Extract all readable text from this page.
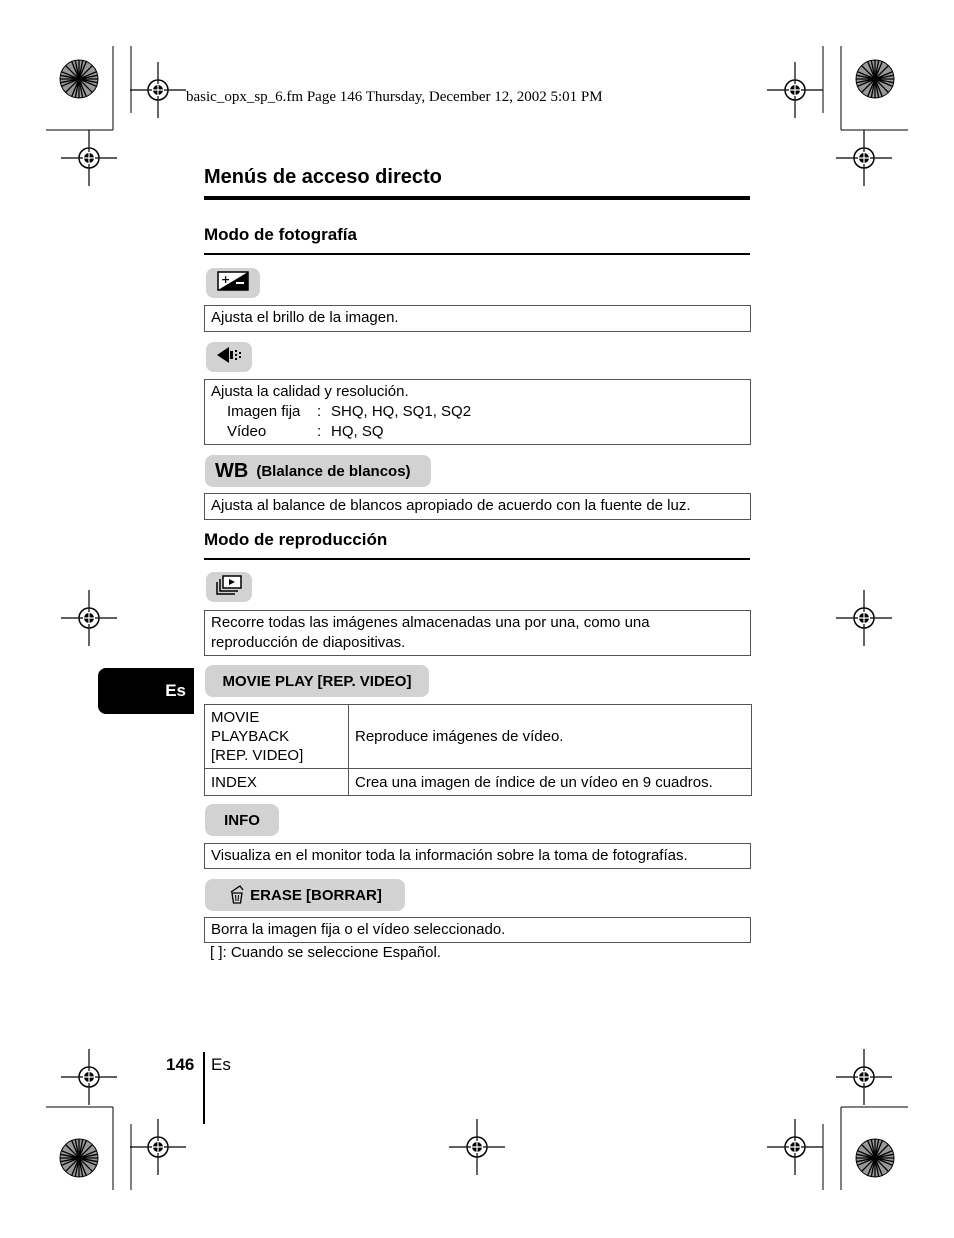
basic_opx_sp_6.fm Page 146 Thursday, December 12, 2002 5:01 PM
Menús de acceso directo
Modo de fotografía
+
Ajusta el brillo de la imagen.
Ajusta la calidad y resolución.
Imagen fija	: SHQ, HQ, SQ1, SQ2
Vídeo	: HQ, SQ
WB (Blalance de blancos)
Ajusta al balance de blancos apropiado de acuerdo con la fuente de luz.
Modo de reproducción
Recorre todas las imágenes almacenadas una por una, como una
reproducción de diapositivas.
Es	MOVIE PLAY [REP. VIDEO]
MOVIE
PLAYBACK
[REP. VIDEO]	Reproduce imágenes de vídeo.
INDEX	Crea una imagen de índice de un vídeo en 9 cuadros.
INFO
Visualiza en el monitor toda la información sobre la toma de fotografías.
ERASE [BORRAR]
Borra la imagen fija o el vídeo seleccionado.
[ ]: Cuando se seleccione Español.
146 Es
